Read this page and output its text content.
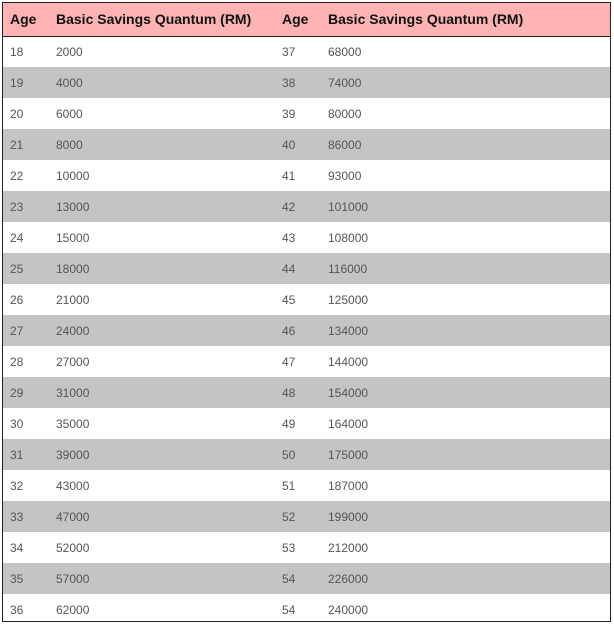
Age	Basic Savings Quantum (RM)	Age	Basic Savings Quantum (RM)
18	2000	37	68000
19	4000	38	74000
20	6000	39	80000
21	8000	40	86000
22	10000	41	93000
23	13000	42	101000
24	15000	43	108000
25	18000	44	116000
26	21000	45	125000
27	24000	46	134000
28	27000	47	144000
29	31000	48	154000
30	35000	49	164000
31	39000	50	175000
32	43000	51	187000
33	47000	52	199000
34	52000	53	212000
35	57000	54	226000
36	62000	54	240000
